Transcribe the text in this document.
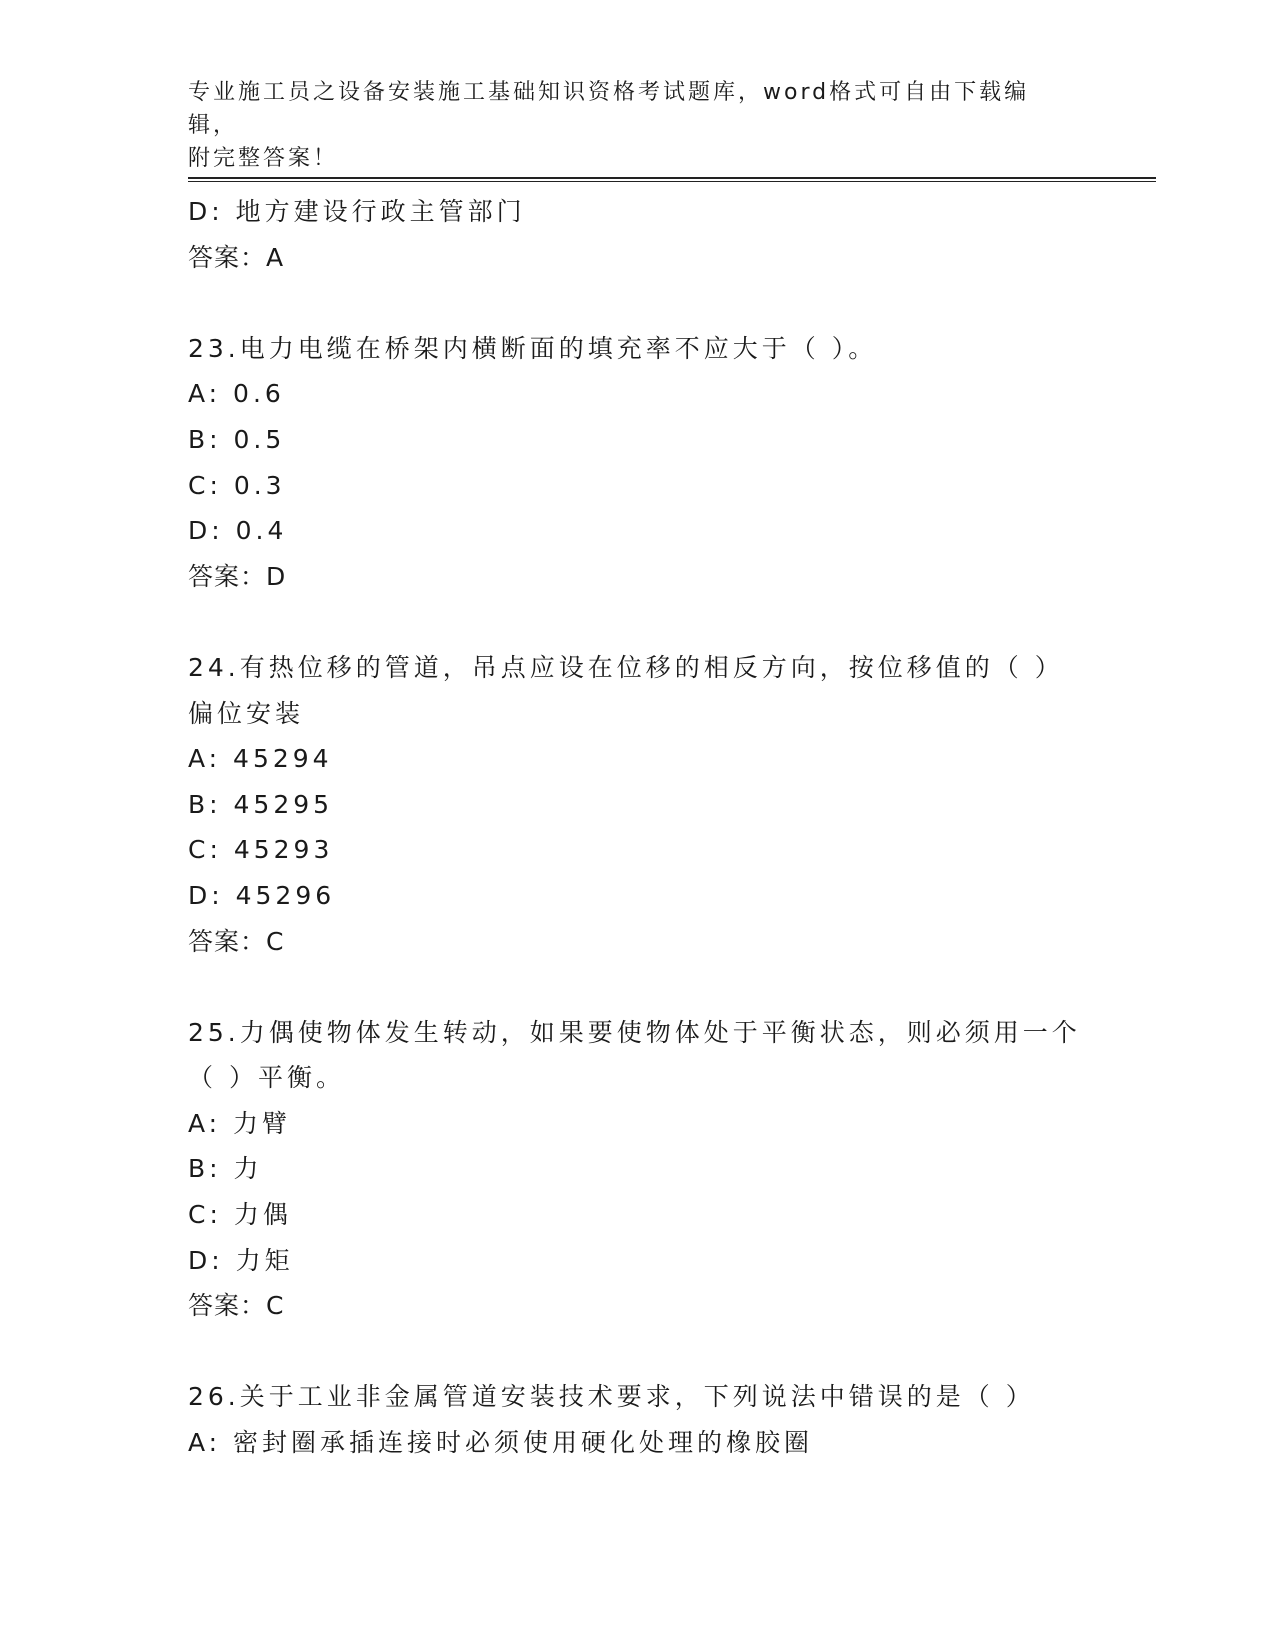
专业施工员之设备安装施工基础知识资格考试题库，word格式可自由下载编辑，
附完整答案！
D: 地方建设行政主管部门
答案：A
23.电力电缆在桥架内横断面的填充率不应大于（ ）。
A: 0.6
B: 0.5
C: 0.3
D: 0.4
答案：D
24.有热位移的管道，吊点应设在位移的相反方向，按位移值的（ ）
偏位安装
A: 45294
B: 45295
C: 45293
D: 45296
答案：C
25.力偶使物体发生转动，如果要使物体处于平衡状态，则必须用一个
（ ）平衡。
A: 力臂
B: 力
C: 力偶
D: 力矩
答案：C
26.关于工业非金属管道安装技术要求，下列说法中错误的是（ ）
A: 密封圈承插连接时必须使用硬化处理的橡胶圈
